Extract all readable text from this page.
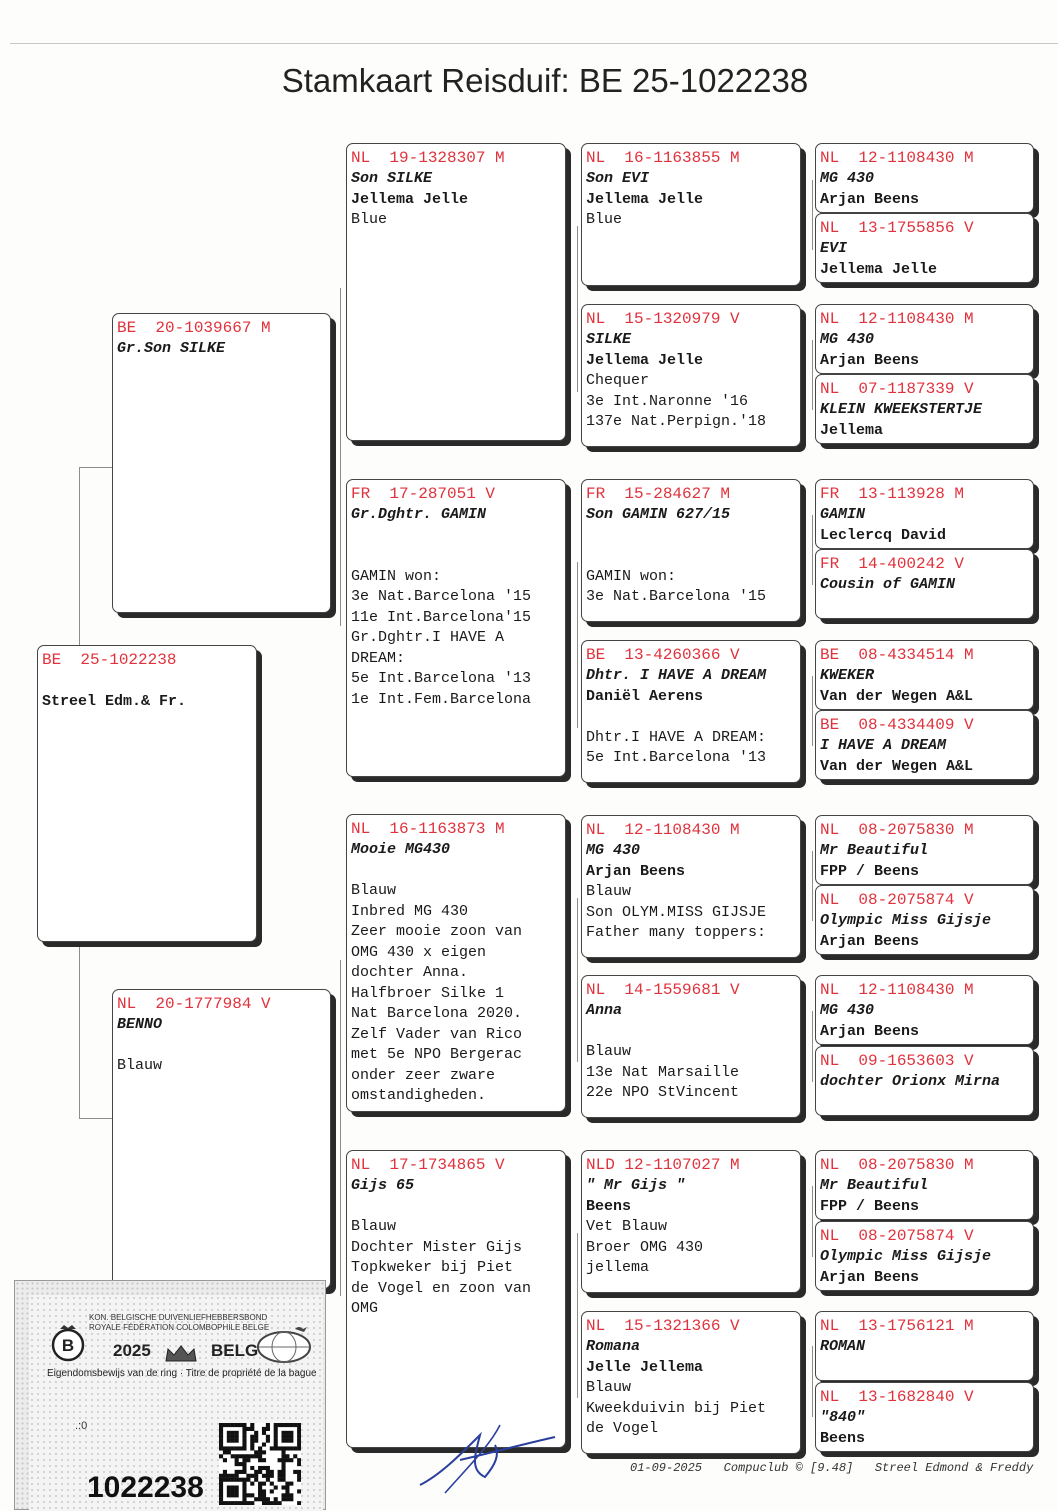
Stamkaart Reisduif: BE 25-1022238
BE  25-1022238
Streel Edm.& Fr.
BE  20-1039667 M
Gr.Son SILKE
NL  20-1777984 V
BENNO
Blauw
NL  19-1328307 M
Son SILKE
Jellema Jelle
Blue
FR  17-287051 V
Gr.Dghtr. GAMIN
GAMIN won:
3e Nat.Barcelona '15
11e Int.Barcelona'15
Gr.Dghtr.I HAVE A
DREAM:
5e Int.Barcelona '13
1e Int.Fem.Barcelona
NL  16-1163873 M
Mooie MG430
Blauw
Inbred MG 430
Zeer mooie zoon van
OMG 430 x eigen
dochter Anna.
Halfbroer Silke 1
Nat Barcelona 2020.
Zelf Vader van Rico
met 5e NPO Bergerac
onder zeer zware
omstandigheden.
NL  17-1734865 V
Gijs 65
Blauw
Dochter Mister Gijs
Topkweker bij Piet
de Vogel en zoon van
OMG
NL  16-1163855 M
Son EVI
Jellema Jelle
Blue
NL  15-1320979 V
SILKE
Jellema Jelle
Chequer
3e Int.Naronne '16
137e Nat.Perpign.'18
FR  15-284627 M
Son GAMIN 627/15
GAMIN won:
3e Nat.Barcelona '15
BE  13-4260366 V
Dhtr. I HAVE A DREAM
Daniël Aerens
Dhtr.I HAVE A DREAM:
5e Int.Barcelona '13
NL  12-1108430 M
MG 430
Arjan Beens
Blauw
Son OLYM.MISS GIJSJE
Father many toppers:
NL  14-1559681 V
Anna
Blauw
13e Nat Marsaille
22e NPO StVincent
NLD 12-1107027 M
" Mr Gijs "
Beens
Vet Blauw
Broer OMG 430
jellema
NL  15-1321366 V
Romana
Jelle Jellema
Blauw
Kweekduivin bij Piet
de Vogel
NL  12-1108430 M
MG 430
Arjan Beens
NL  13-1755856 V
EVI
Jellema Jelle
NL  12-1108430 M
MG 430
Arjan Beens
NL  07-1187339 V
KLEIN KWEEKSTERTJE
Jellema
FR  13-113928 M
GAMIN
Leclercq David
FR  14-400242 V
Cousin of GAMIN
BE  08-4334514 M
KWEKER
Van der Wegen A&L
BE  08-4334409 V
I HAVE A DREAM
Van der Wegen A&L
NL  08-2075830 M
Mr Beautiful
FPP / Beens
NL  08-2075874 V
Olympic Miss Gijsje
Arjan Beens
NL  12-1108430 M
MG 430
Arjan Beens
NL  09-1653603 V
dochter Orionx Mirna
NL  08-2075830 M
Mr Beautiful
FPP / Beens
NL  08-2075874 V
Olympic Miss Gijsje
Arjan Beens
NL  13-1756121 M
ROMAN
NL  13-1682840 V
"840"
Beens
B
KON. BELGISCHE DUIVENLIEFHEBBERSBOND
ROYALE FÉDÉRATION COLOMBOPHILE BELGE
2025	BELG
Eigendomsbewijs van de ring · Titre de propriété de la bague
.:0
1022238
01-09-2025   Compuclub © [9.48]   Streel Edmond & Freddy
